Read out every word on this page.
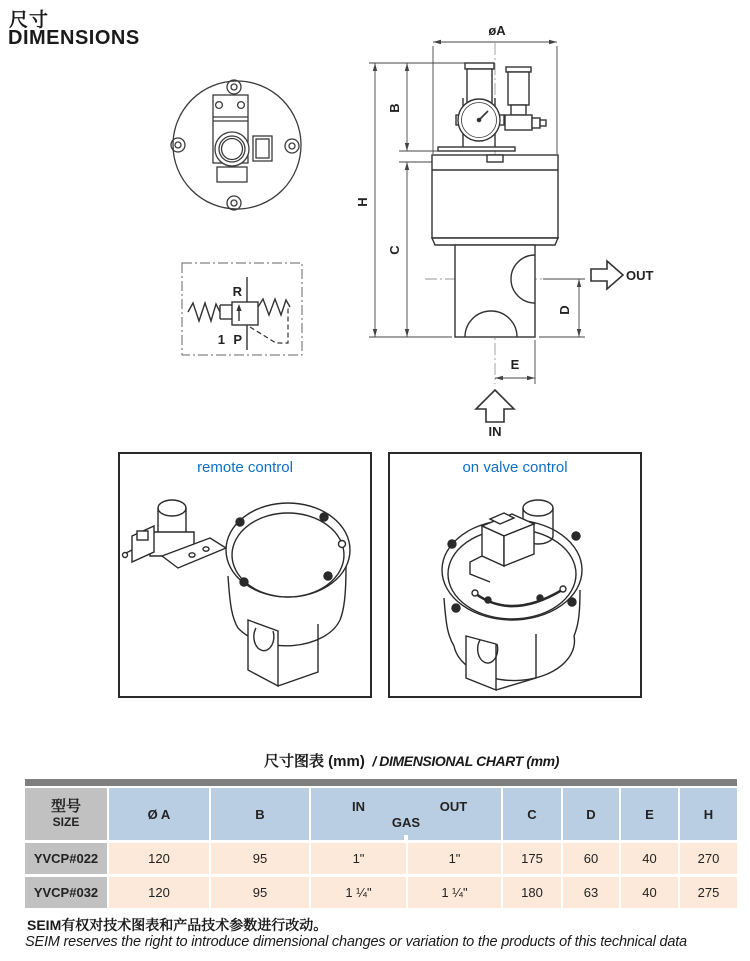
尺寸
DIMENSIONS
R
P
1
øA
H
B
C
D
E
OUT
IN
remote control	on valve control
尺寸图表 (mm) / DIMENSIONAL CHART (mm)
型号
SIZE
Ø A	B
IN	OUT
GAS
C	D	E	H
YVCP#022	120	95	1"	1"	175	60	40	270
YVCP#032	120	95	1 ¼"	1 ¼"	180	63	40	275
SEIM有权对技术图表和产品技术参数进行改动。
SEIM reserves the right to introduce dimensional changes or variation to the products of this technical data
